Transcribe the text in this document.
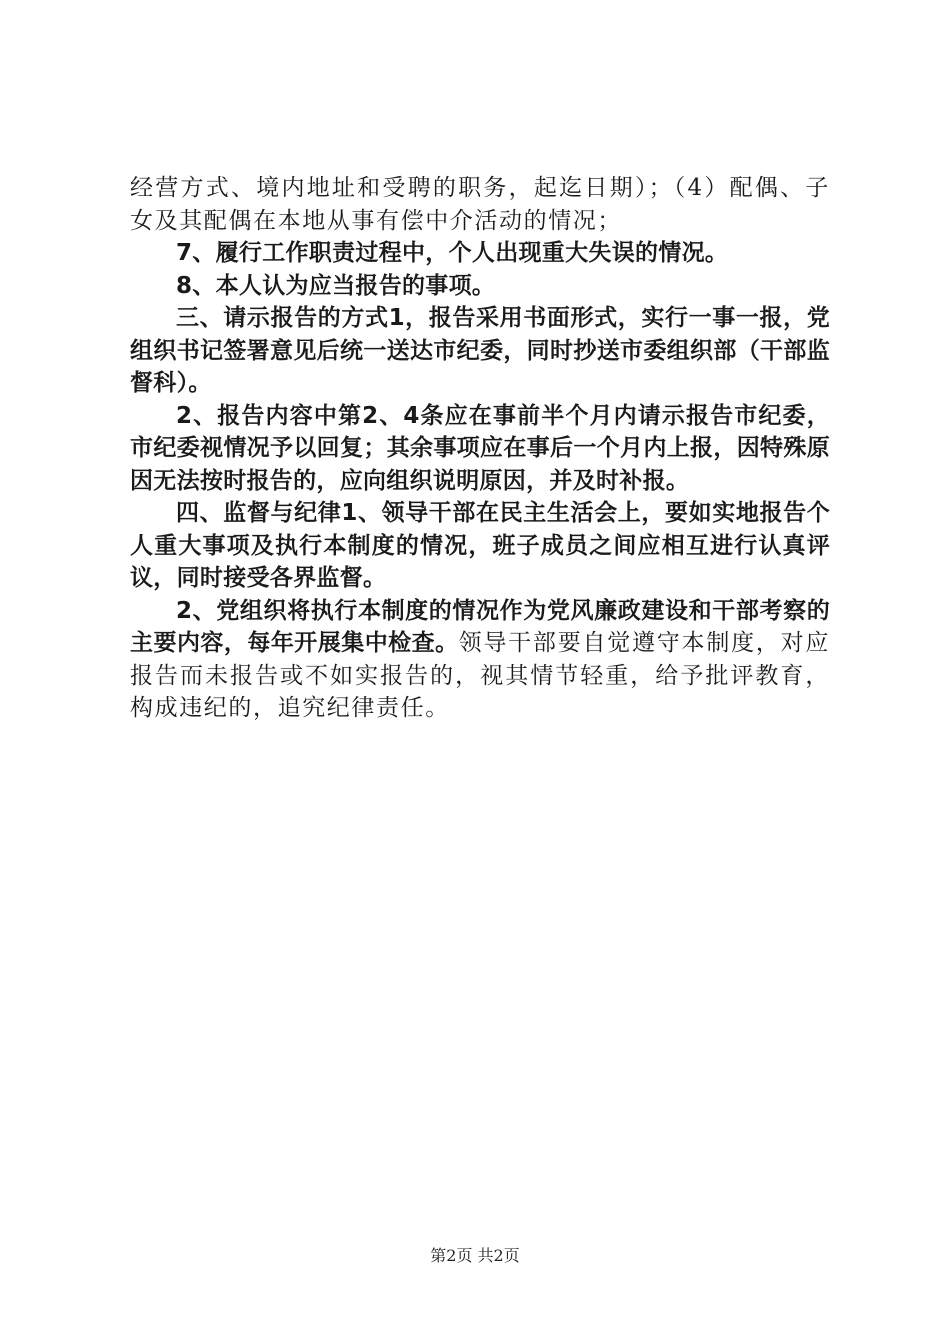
经营方式、境内地址和受聘的职务，起迄日期）；（4）配偶、子女及其配偶在本地从事有偿中介活动的情况；

7、履行工作职责过程中，个人出现重大失误的情况。

8、本人认为应当报告的事项。

三、请示报告的方式1，报告采用书面形式，实行一事一报，党组织书记签署意见后统一送达市纪委，同时抄送市委组织部（干部监督科）。

2、报告内容中第2、4条应在事前半个月内请示报告市纪委，市纪委视情况予以回复；其余事项应在事后一个月内上报，因特殊原因无法按时报告的，应向组织说明原因，并及时补报。

四、监督与纪律1、领导干部在民主生活会上，要如实地报告个人重大事项及执行本制度的情况，班子成员之间应相互进行认真评议，同时接受各界监督。

2、党组织将执行本制度的情况作为党风廉政建设和干部考察的主要内容，每年开展集中检查。领导干部要自觉遵守本制度，对应报告而未报告或不如实报告的，视其情节轻重，给予批评教育，构成违纪的，追究纪律责任。

第2页 共2页
